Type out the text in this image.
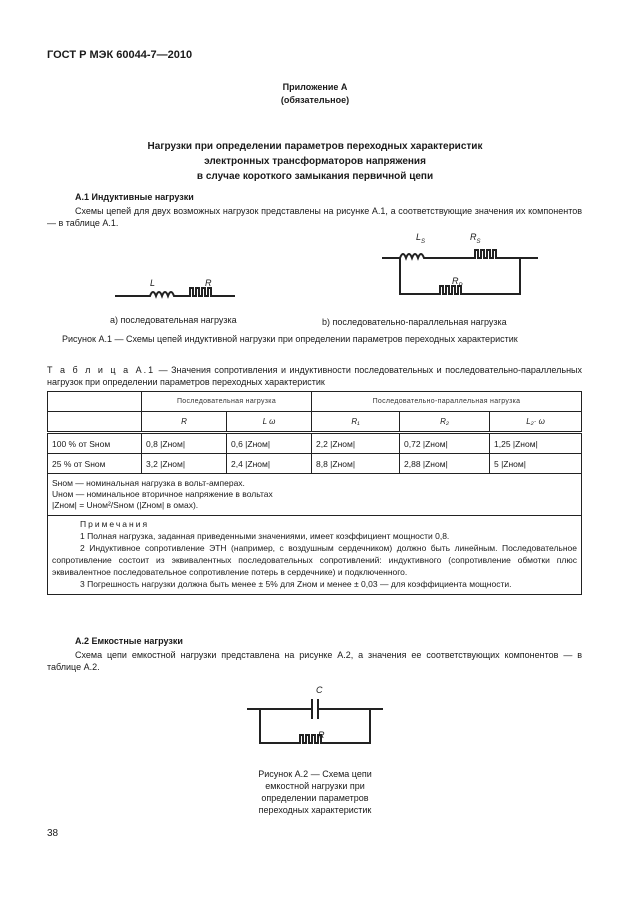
ГОСТ Р МЭК 60044-7—2010
Приложение А
(обязательное)
Нагрузки при определении параметров переходных характеристик
электронных трансформаторов напряжения
в случае короткого замыкания первичной цепи
А.1 Индуктивные нагрузки
Схемы цепей для двух возможных нагрузок представлены на рисунке А.1, а соответствующие значения их компонентов — в таблице А.1.
L	R
а) последовательная нагрузка
$L_S$	$R_S$
$R_P$
b) последовательно-параллельная нагрузка
Рисунок А.1 — Схемы цепей индуктивной нагрузки при определении параметров переходных характеристик
Т а б л и ц а А.1 — Значения сопротивления и индуктивности последовательных и последовательно-параллельных нагрузок при определении параметров переходных характеристик
	Последовательная нагрузка		Последовательно-параллельная нагрузка		
	R	L ω	R₁	R₂	L₂· ω
100 % от Sном	0,8 |Zном|	0,6 |Zном|	2,2 |Zном|	0,72 |Zном|	1,25 |Zном|
25 % от Sном	3,2 |Zном|	2,4 |Zном|	8,8 |Zном|	2,88 |Zном|	5 |Zном|

Sном — номинальная нагрузка в вольт-амперах.
Uном — номинальное вторичное напряжение в вольтах
|Zном| = Uном²/Sном (|Zном| в омах).					

Примечания
1 Полная нагрузка, заданная приведенными значениями, имеет коэффициент мощности 0,8.
2 Индуктивное сопротивление ЭТН (например, с воздушным сердечником) должно быть линейным. Последовательное сопротивление состоит из эквивалентных последовательных сопротивлений: индуктивного (сопротивление обмотки плюс эквивалентное последовательное сопротивление потерь в сердечнике) и подключенного.
3 Погрешность нагрузки должна быть менее ± 5% для Zном и менее ± 0,03 — для коэффициента мощности.					
А.2 Емкостные нагрузки
Схема цепи емкостной нагрузки представлена на рисунке А.2, а значения ее соответствующих компонентов — в таблице А.2.
C
R
Рисунок А.2 — Схема цепи емкостной нагрузки при определении параметров переходных характеристик
38
